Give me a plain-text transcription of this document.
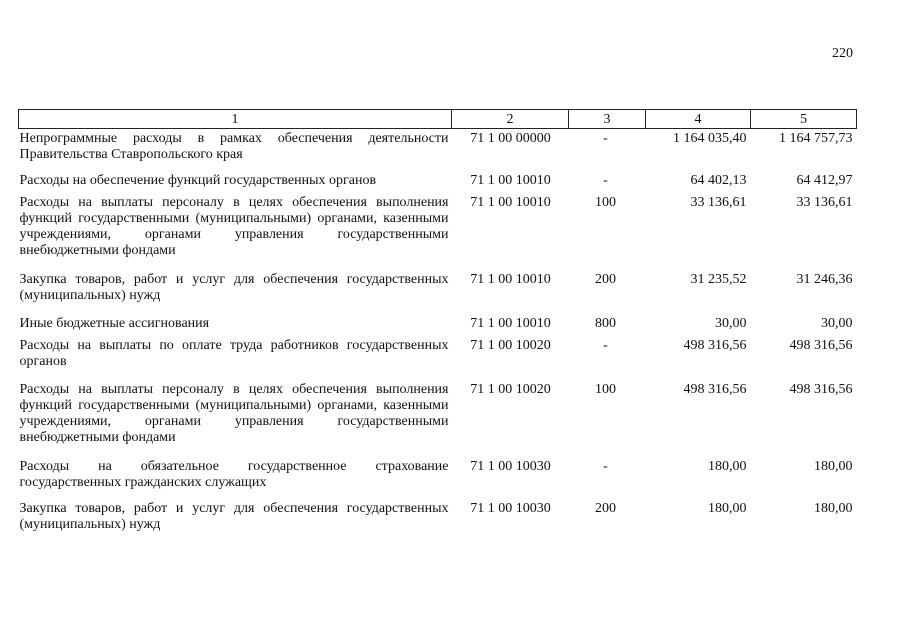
220
1	2	3	4	5
Непрограммные расходы в рамках обеспечения деятельности Правительства Ставропольского края	71 1 00 00000	-	1 164 035,40	1 164 757,73
Расходы на обеспечение функций государственных органов	71 1 00 10010	-	64 402,13	64 412,97
Расходы на выплаты персоналу в целях обеспечения выполнения функций государственными (муниципальными) органами, казенными учреждениями, органами управления государственными внебюджетными фондами	71 1 00 10010	100	33 136,61	33 136,61
Закупка товаров, работ и услуг для обеспечения государственных (муниципальных) нужд	71 1 00 10010	200	31 235,52	31 246,36
Иные бюджетные ассигнования	71 1 00 10010	800	30,00	30,00
Расходы на выплаты по оплате труда работников государственных органов	71 1 00 10020	-	498 316,56	498 316,56
Расходы на выплаты персоналу в целях обеспечения выполнения функций государственными (муниципальными) органами, казенными учреждениями, органами управления государственными внебюджетными фондами	71 1 00 10020	100	498 316,56	498 316,56
Расходы на обязательное государственное страхование государственных гражданских служащих	71 1 00 10030	-	180,00	180,00
Закупка товаров, работ и услуг для обеспечения государственных (муниципальных) нужд	71 1 00 10030	200	180,00	180,00
